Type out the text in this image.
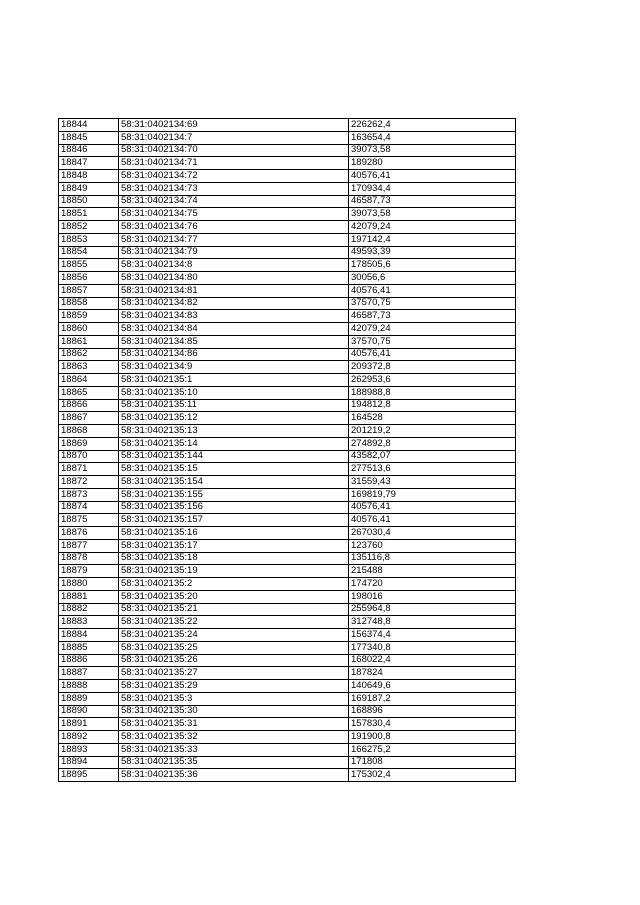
18844	58:31:0402134:69	226262,4
18845	58:31:0402134:7	163654,4
18846	58:31:0402134:70	39073,58
18847	58:31:0402134:71	189280
18848	58:31:0402134:72	40576,41
18849	58:31:0402134:73	170934,4
18850	58:31:0402134:74	46587,73
18851	58:31:0402134:75	39073,58
18852	58:31:0402134:76	42079,24
18853	58:31:0402134:77	197142,4
18854	58:31:0402134:79	49593,39
18855	58:31:0402134:8	178505,6
18856	58:31:0402134:80	30056,6
18857	58:31:0402134:81	40576,41
18858	58:31:0402134:82	37570,75
18859	58:31:0402134:83	46587,73
18860	58:31:0402134:84	42079,24
18861	58:31:0402134:85	37570,75
18862	58:31:0402134:86	40576,41
18863	58:31:0402134:9	209372,8
18864	58:31:0402135:1	262953,6
18865	58:31:0402135:10	188988,8
18866	58:31:0402135:11	194812,8
18867	58:31:0402135:12	164528
18868	58:31:0402135:13	201219,2
18869	58:31:0402135:14	274892,8
18870	58:31:0402135:144	43582,07
18871	58:31:0402135:15	277513,6
18872	58:31:0402135:154	31559,43
18873	58:31:0402135:155	169819,79
18874	58:31:0402135:156	40576,41
18875	58:31:0402135:157	40576,41
18876	58:31:0402135:16	267030,4
18877	58:31:0402135:17	123760
18878	58:31:0402135:18	135116,8
18879	58:31:0402135:19	215488
18880	58:31:0402135:2	174720
18881	58:31:0402135:20	198016
18882	58:31:0402135:21	255964,8
18883	58:31:0402135:22	312748,8
18884	58:31:0402135:24	156374,4
18885	58:31:0402135:25	177340,8
18886	58:31:0402135:26	168022,4
18887	58:31:0402135:27	187824
18888	58:31:0402135:29	140649,6
18889	58:31:0402135:3	169187,2
18890	58:31:0402135:30	168896
18891	58:31:0402135:31	157830,4
18892	58:31:0402135:32	191900,8
18893	58:31:0402135:33	166275,2
18894	58:31:0402135:35	171808
18895	58:31:0402135:36	175302,4
